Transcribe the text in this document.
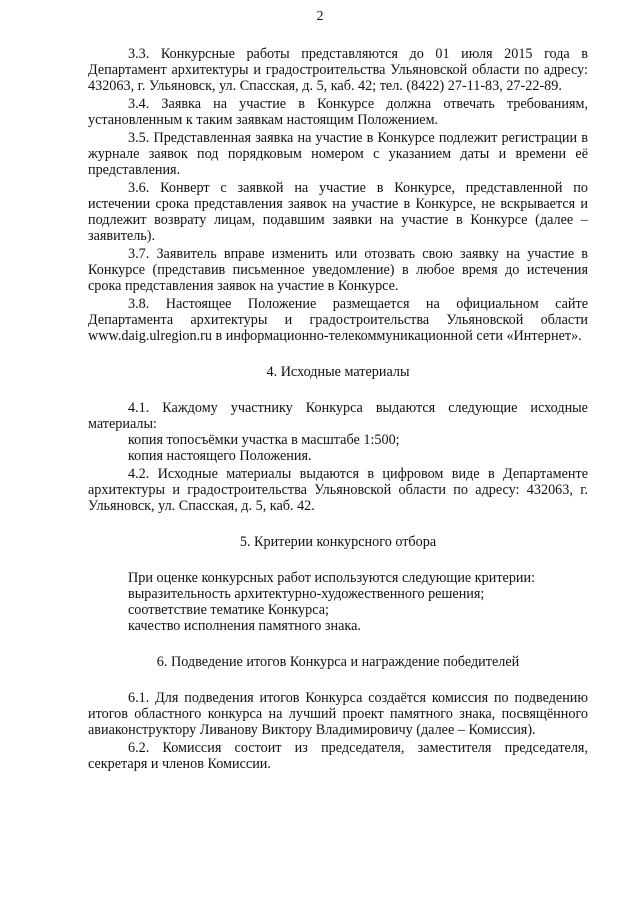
2

3.3. Конкурсные работы представляются до 01 июля 2015 года в Департамент архитектуры и градостроительства Ульяновской области по адресу: 432063, г. Ульяновск, ул. Спасская, д. 5, каб. 42; тел. (8422) 27-11-83, 27-22-89.

3.4. Заявка на участие в Конкурсе должна отвечать требованиям, установленным к таким заявкам настоящим Положением.

3.5. Представленная заявка на участие в Конкурсе подлежит регистрации в журнале заявок под порядковым номером с указанием даты и времени её представления.

3.6. Конверт с заявкой на участие в Конкурсе, представленной по истечении срока представления заявок на участие в Конкурсе, не вскрывается и подлежит возврату лицам, подавшим заявки на участие в Конкурсе (далее – заявитель).

3.7. Заявитель вправе изменить или отозвать свою заявку на участие в Конкурсе (представив письменное уведомление) в любое время до истечения срока представления заявок на участие в Конкурсе.

3.8. Настоящее Положение размещается на официальном сайте Департамента архитектуры и градостроительства Ульяновской области www.daig.ulregion.ru в информационно-телекоммуникационной сети «Интернет».

4. Исходные материалы

4.1. Каждому участнику Конкурса выдаются следующие исходные материалы:

копия топосъёмки участка в масштабе 1:500;

копия настоящего Положения.

4.2. Исходные материалы выдаются в цифровом виде в Департаменте архитектуры и градостроительства Ульяновской области по адресу: 432063, г. Ульяновск, ул. Спасская, д. 5, каб. 42.

5. Критерии конкурсного отбора

При оценке конкурсных работ используются следующие критерии:

выразительность архитектурно-художественного решения;

соответствие тематике Конкурса;

качество исполнения памятного знака.

6. Подведение итогов Конкурса и награждение победителей

6.1. Для подведения итогов Конкурса создаётся комиссия по подведению итогов областного конкурса на лучший проект памятного знака, посвящённого авиаконструктору Ливанову Виктору Владимировичу (далее – Комиссия).

6.2. Комиссия состоит из председателя, заместителя председателя, секретаря и членов Комиссии.
